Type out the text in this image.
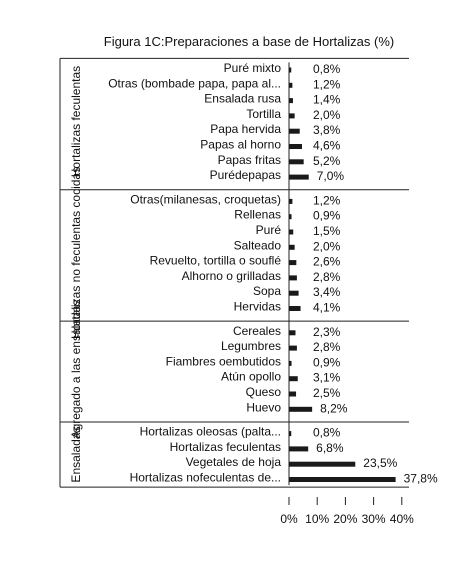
Figura 1C:Preparaciones a base de Hortalizas (%)
Hortalizas feculentas
Hortalizas no feculentas cocidas
Agregado a las ensaladas
Ensaladas
Puré mixto	0,8%
Otras (bombade papa, papa al...	1,2%
Ensalada rusa	1,4%
Tortilla	2,0%
Papa hervida	3,8%
Papas al horno	4,6%
Papas fritas	5,2%
Purédepapas	7,0%
Otras(milanesas, croquetas)	1,2%
Rellenas	0,9%
Puré	1,5%
Salteado	2,0%
Revuelto, tortilla o souflé	2,6%
Alhorno o grilladas	2,8%
Sopa	3,4%
Hervidas	4,1%
Cereales	2,3%
Legumbres	2,8%
Fiambres oembutidos	0,9%
Atún opollo	3,1%
Queso	2,5%
Huevo	8,2%
Hortalizas oleosas (palta...	0,8%
Hortalizas feculentas	6,8%
Vegetales de hoja	23,5%
Hortalizas nofeculentas de...	37,8%
0% 10% 20% 30% 40%
